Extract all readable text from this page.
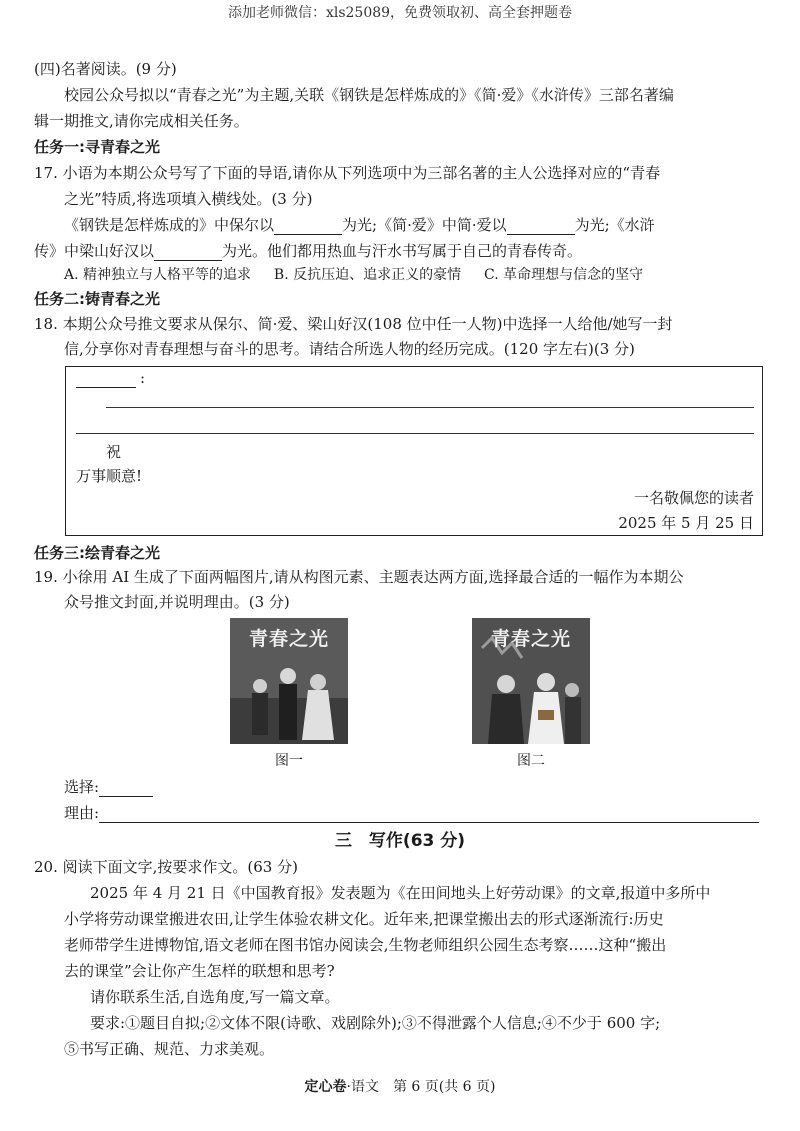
添加老师微信：xls25089，免费领取初、高全套押题卷
(四)名著阅读。(9 分)
校园公众号拟以“青春之光”为主题,关联《钢铁是怎样炼成的》《简·爱》《水浒传》三部名著编
辑一期推文,请你完成相关任务。
任务一:寻青春之光
17. 小语为本期公众号写了下面的导语,请你从下列选项中为三部名著的主人公选择对应的“青春
之光”特质,将选项填入横线处。(3 分)
《钢铁是怎样炼成的》中保尔以	为光;《简·爱》中简·爱以	为光;《水浒
传》中梁山好汉以	为光。他们都用热血与汗水书写属于自己的青春传奇。
A. 精神独立与人格平等的追求 B. 反抗压迫、追求正义的豪情 C. 革命理想与信念的坚守
任务二:铸青春之光
18. 本期公众号推文要求从保尔、简·爱、梁山好汉(108 位中任一人物)中选择一人给他/她写一封
信,分享你对青春理想与奋斗的思考。请结合所选人物的经历完成。(120 字左右)(3 分)
:
祝
万事顺意!
一名敬佩您的读者
2025 年 5 月 25 日
任务三:绘青春之光
19. 小徐用 AI 生成了下面两幅图片,请从构图元素、主题表达两方面,选择最合适的一幅作为本期公
众号推文封面,并说明理由。(3 分)
青春之光
图一
青春之光
图二
选择:
理由:
三　写作(63 分)
20. 阅读下面文字,按要求作文。(63 分)
2025 年 4 月 21 日《中国教育报》发表题为《在田间地头上好劳动课》的文章,报道中多所中
小学将劳动课堂搬进农田,让学生体验农耕文化。近年来,把课堂搬出去的形式逐渐流行:历史
老师带学生进博物馆,语文老师在图书馆办阅读会,生物老师组织公园生态考察……这种“搬出
去的课堂”会让你产生怎样的联想和思考?
请你联系生活,自选角度,写一篇文章。
要求:①题目自拟;②文体不限(诗歌、戏剧除外);③不得泄露个人信息;④不少于 600 字;
⑤书写正确、规范、力求美观。
定心卷·语文　第 6 页(共 6 页)
